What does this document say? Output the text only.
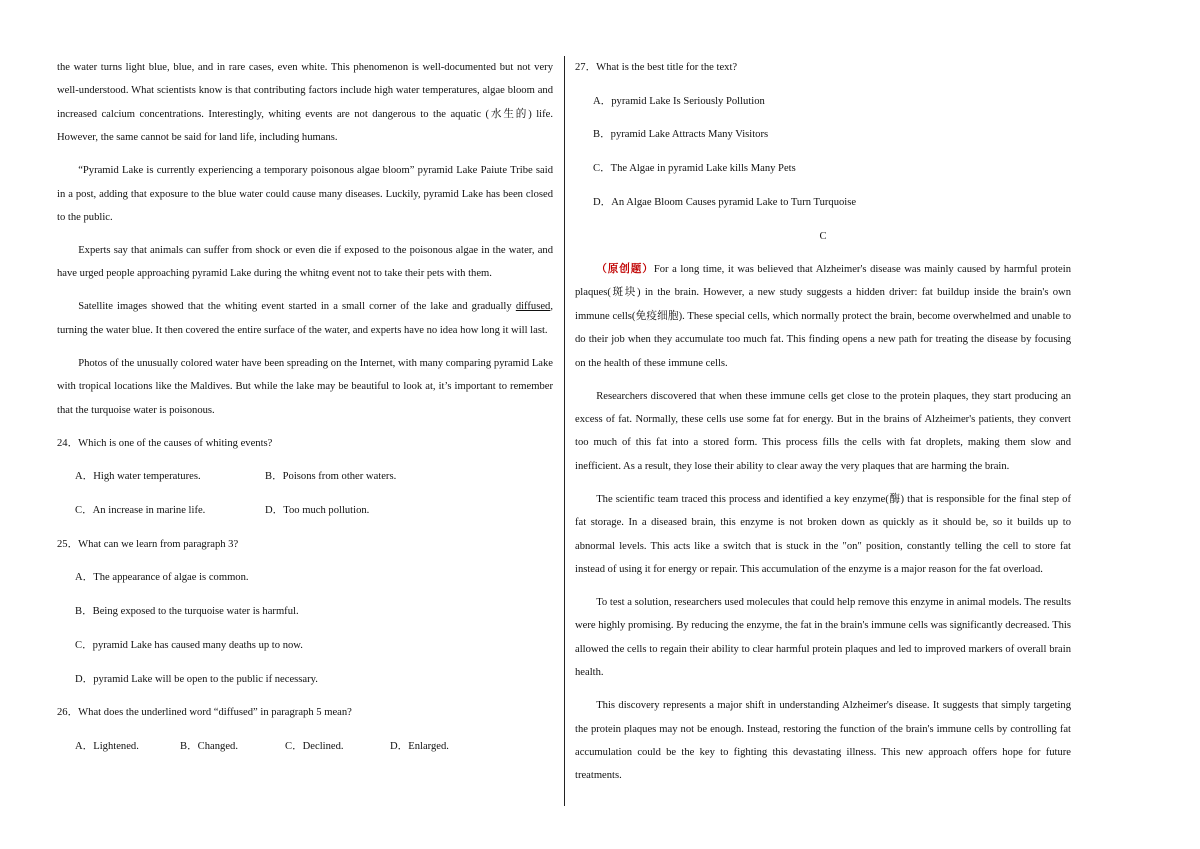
the water turns light blue, blue, and in rare cases, even white. This phenomenon is well-documented but not very well-understood. What scientists know is that contributing factors include high water temperatures, algae bloom and increased calcium concentrations. Interestingly, whiting events are not dangerous to the aquatic (水生的) life. However, the same cannot be said for land life, including humans.

“Pyramid Lake is currently experiencing a temporary poisonous algae bloom” pyramid Lake Paiute Tribe said in a post, adding that exposure to the blue water could cause many diseases. Luckily, pyramid Lake has been closed to the public.

Experts say that animals can suffer from shock or even die if exposed to the poisonous algae in the water, and have urged people approaching pyramid Lake during the whitng event not to take their pets with them.

Satellite images showed that the whiting event started in a small corner of the lake and gradually diffused, turning the water blue. It then covered the entire surface of the water, and experts have no idea how long it will last.

Photos of the unusually colored water have been spreading on the Internet, with many comparing pyramid Lake with tropical locations like the Maldives. But while the lake may be beautiful to look at, it’s important to remember that the turquoise water is poisonous.

24．Which is one of the causes of whiting events?
A．High water temperatures.	B．Poisons from other waters.
C．An increase in marine life.	D．Too much pollution.
25．What can we learn from paragraph 3?
A．The appearance of algae is common.
B．Being exposed to the turquoise water is harmful.
C．pyramid Lake has caused many deaths up to now.
D．pyramid Lake will be open to the public if necessary.
26．What does the underlined word “diffused” in paragraph 5 mean?
A．Lightened.	B．Changed.	C．Declined.	D．Enlarged.
27．What is the best title for the text?
A．pyramid Lake Is Seriously Pollution
B．pyramid Lake Attracts Many Visitors
C．The Algae in pyramid Lake kills Many Pets
D．An Algae Bloom Causes pyramid Lake to Turn Turquoise
C

（原创题）For a long time, it was believed that Alzheimer's disease was mainly caused by harmful protein plaques(斑块) in the brain. However, a new study suggests a hidden driver: fat buildup inside the brain's own immune cells(免疫细胞). These special cells, which normally protect the brain, become overwhelmed and unable to do their job when they accumulate too much fat. This finding opens a new path for treating the disease by focusing on the health of these immune cells.

Researchers discovered that when these immune cells get close to the protein plaques, they start producing an excess of fat. Normally, these cells use some fat for energy. But in the brains of Alzheimer's patients, they convert too much of this fat into a stored form. This process fills the cells with fat droplets, making them slow and inefficient. As a result, they lose their ability to clear away the very plaques that are harming the brain.

The scientific team traced this process and identified a key enzyme(酶) that is responsible for the final step of fat storage. In a diseased brain, this enzyme is not broken down as quickly as it should be, so it builds up to abnormal levels. This acts like a switch that is stuck in the "on" position, constantly telling the cell to store fat instead of using it for energy or repair. This accumulation of the enzyme is a major reason for the fat overload.

To test a solution, researchers used molecules that could help remove this enzyme in animal models. The results were highly promising. By reducing the enzyme, the fat in the brain's immune cells was significantly decreased. This allowed the cells to regain their ability to clear harmful protein plaques and led to improved markers of overall brain health.

This discovery represents a major shift in understanding Alzheimer's disease. It suggests that simply targeting the protein plaques may not be enough. Instead, restoring the function of the brain's immune cells by controlling fat accumulation could be the key to fighting this devastating illness. This new approach offers hope for future treatments.
